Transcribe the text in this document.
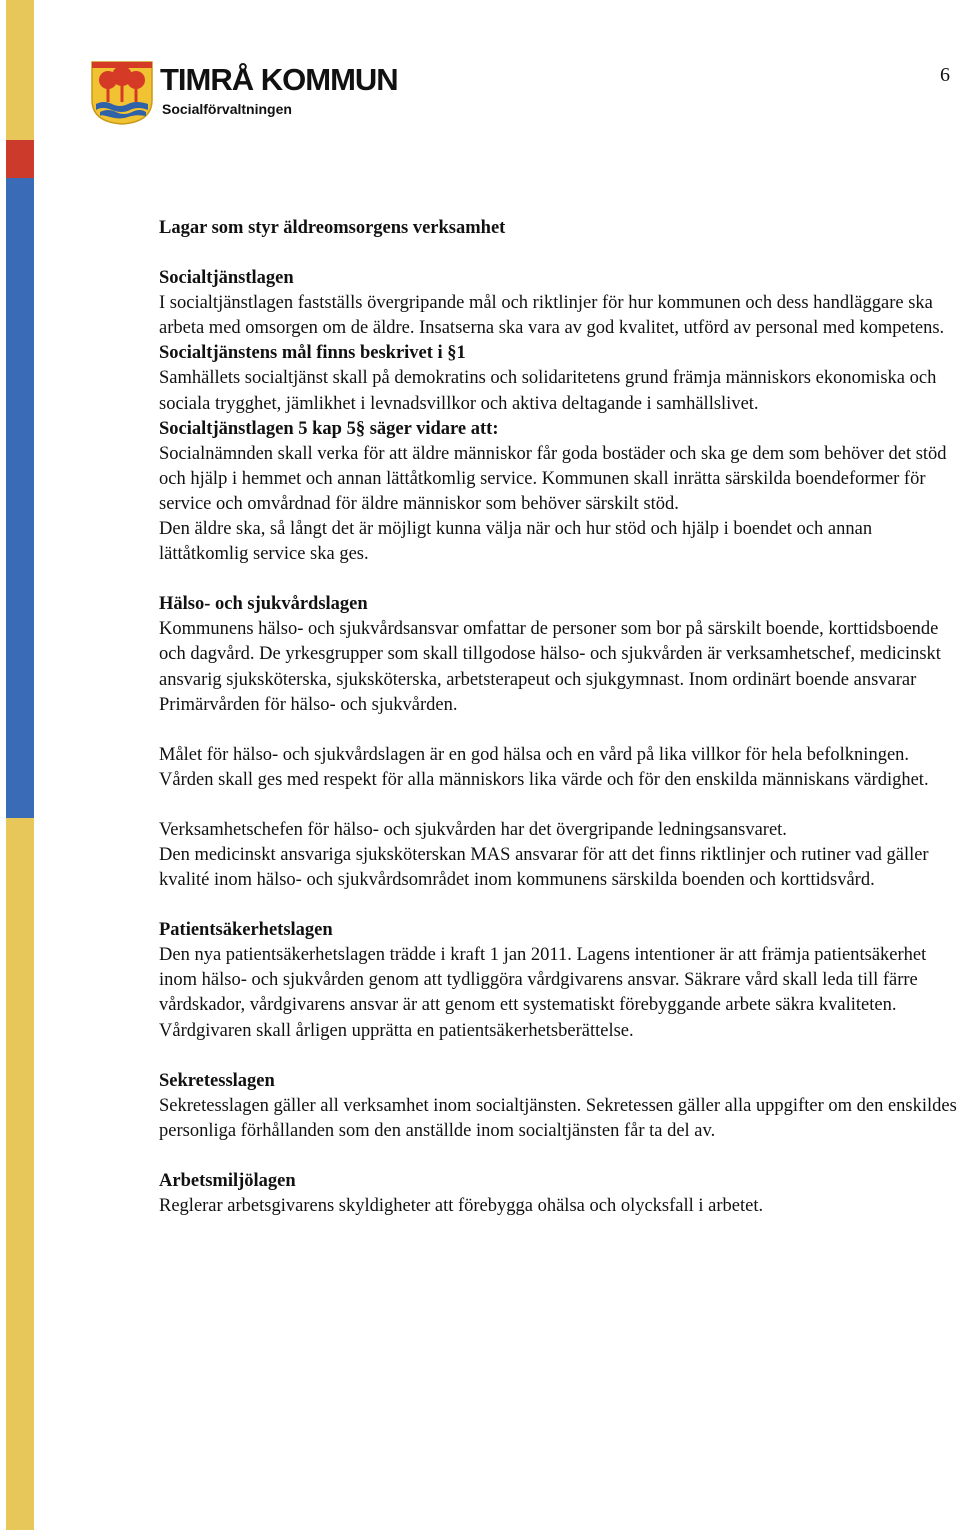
6
TIMRÅ KOMMUN
Socialförvaltningen

Lagar som styr äldreomsorgens verksamhet

Socialtjänstlagen

I socialtjänstlagen fastställs övergripande mål och riktlinjer för hur kommunen och dess handläggare ska arbeta med omsorgen om de äldre. Insatserna ska vara av god kvalitet, utförd av personal med kompetens.

Socialtjänstens mål finns beskrivet i §1

Samhällets socialtjänst skall på demokratins och solidaritetens grund främja människors ekonomiska och sociala trygghet, jämlikhet i levnadsvillkor och aktiva deltagande i samhällslivet.

Socialtjänstlagen 5 kap 5§ säger vidare att:

Socialnämnden skall verka för att äldre människor får goda bostäder och ska ge dem som behöver det stöd och hjälp i hemmet och annan lättåtkomlig service. Kommunen skall inrätta särskilda boendeformer för service och omvårdnad för äldre människor som behöver särskilt stöd.

Den äldre ska, så långt det är möjligt kunna välja när och hur stöd och hjälp i boendet och annan lättåtkomlig service ska ges.

Hälso- och sjukvårdslagen

Kommunens hälso- och sjukvårdsansvar omfattar de personer som bor på särskilt boende, korttidsboende och dagvård. De yrkesgrupper som skall tillgodose hälso- och sjukvården är verksamhetschef, medicinskt ansvarig sjuksköterska, sjuksköterska, arbetsterapeut och sjukgymnast. Inom ordinärt boende ansvarar Primärvården för hälso- och sjukvården.

Målet för hälso- och sjukvårdslagen är en god hälsa och en vård på lika villkor för hela befolkningen. Vården skall ges med respekt för alla människors lika värde och för den enskilda människans värdighet.

Verksamhetschefen för hälso- och sjukvården har det övergripande ledningsansvaret.

Den medicinskt ansvariga sjuksköterskan MAS ansvarar för att det finns riktlinjer och rutiner vad gäller kvalité inom hälso- och sjukvårdsområdet inom kommunens särskilda boenden och korttidsvård.

Patientsäkerhetslagen

Den nya patientsäkerhetslagen trädde i kraft 1 jan 2011. Lagens intentioner är att främja patientsäkerhet inom hälso- och sjukvården genom att tydliggöra vårdgivarens ansvar. Säkrare vård skall leda till färre vårdskador, vårdgivarens ansvar är att genom ett systematiskt förebyggande arbete säkra kvaliteten.

Vårdgivaren skall årligen upprätta en patientsäkerhetsberättelse.

Sekretesslagen

Sekretesslagen gäller all verksamhet inom socialtjänsten. Sekretessen gäller alla uppgifter om den enskildes personliga förhållanden som den anställde inom socialtjänsten får ta del av.

Arbetsmiljölagen

Reglerar arbetsgivarens skyldigheter att förebygga ohälsa och olycksfall i arbetet.
